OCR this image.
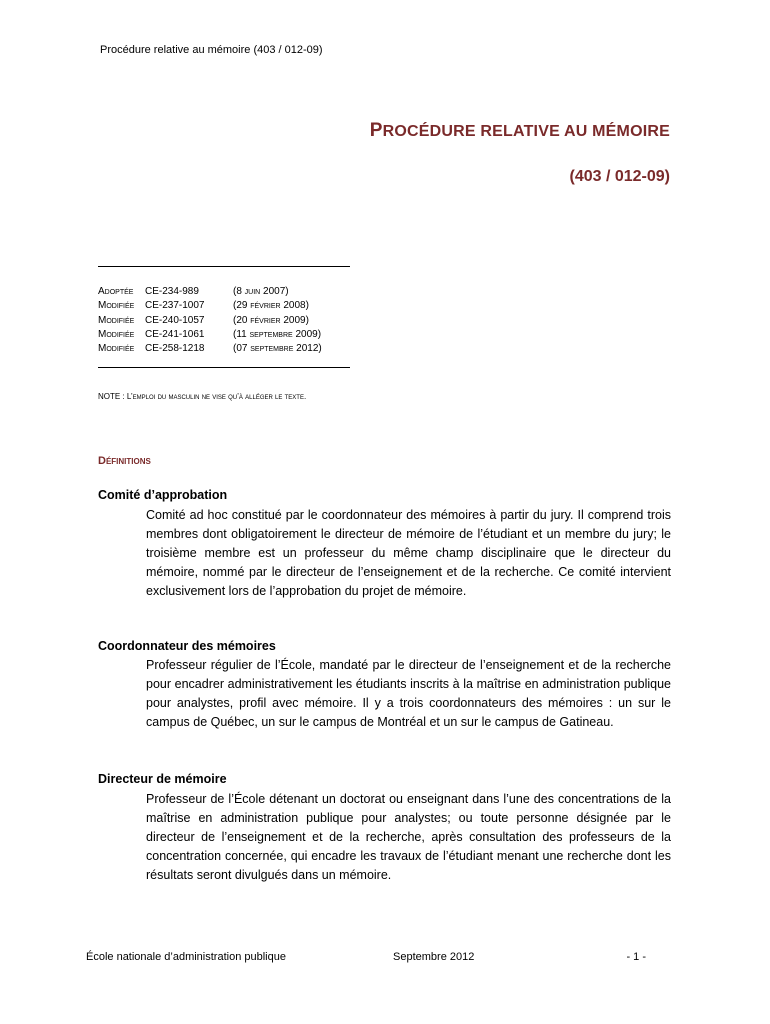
Procédure relative au mémoire (403 / 012-09)
PROCÉDURE RELATIVE AU MÉMOIRE
(403 / 012-09)
Adoptée	CE-234-989	(8 juin 2007)
Modifiée	CE-237-1007	(29 février 2008)
Modifiée	CE-240-1057	(20 février 2009)
Modifiée	CE-241-1061	(11 septembre 2009)
Modifiée	CE-258-1218	(07 septembre 2012)
NOTE : L’emploi du masculin ne vise qu’à alléger le texte.
Définitions
Comité d’approbation
Comité ad hoc constitué par le coordonnateur des mémoires à partir du jury. Il comprend trois membres dont obligatoirement le directeur de mémoire de l’étudiant et un membre du jury; le troisième membre est un professeur du même champ disciplinaire que le directeur du mémoire, nommé par le directeur de l’enseignement et de la recherche. Ce comité intervient exclusivement lors de l’approbation du projet de mémoire.
Coordonnateur des mémoires
Professeur régulier de l’École, mandaté par le directeur de l’enseignement et de la recherche pour encadrer administrativement les étudiants inscrits à la maîtrise en administration publique pour analystes, profil avec mémoire. Il y a trois coordonnateurs des mémoires : un sur le campus de Québec, un sur le campus de Montréal et un sur le campus de Gatineau.
Directeur de mémoire
Professeur de l’École détenant un doctorat ou enseignant dans l’une des concentrations de la maîtrise en administration publique pour analystes; ou toute personne désignée par le directeur de l’enseignement et de la recherche, après consultation des professeurs de la concentration concernée, qui encadre les travaux de l’étudiant menant une recherche dont les résultats seront divulgués dans un mémoire.
École nationale d’administration publique	Septembre 2012	- 1 -
